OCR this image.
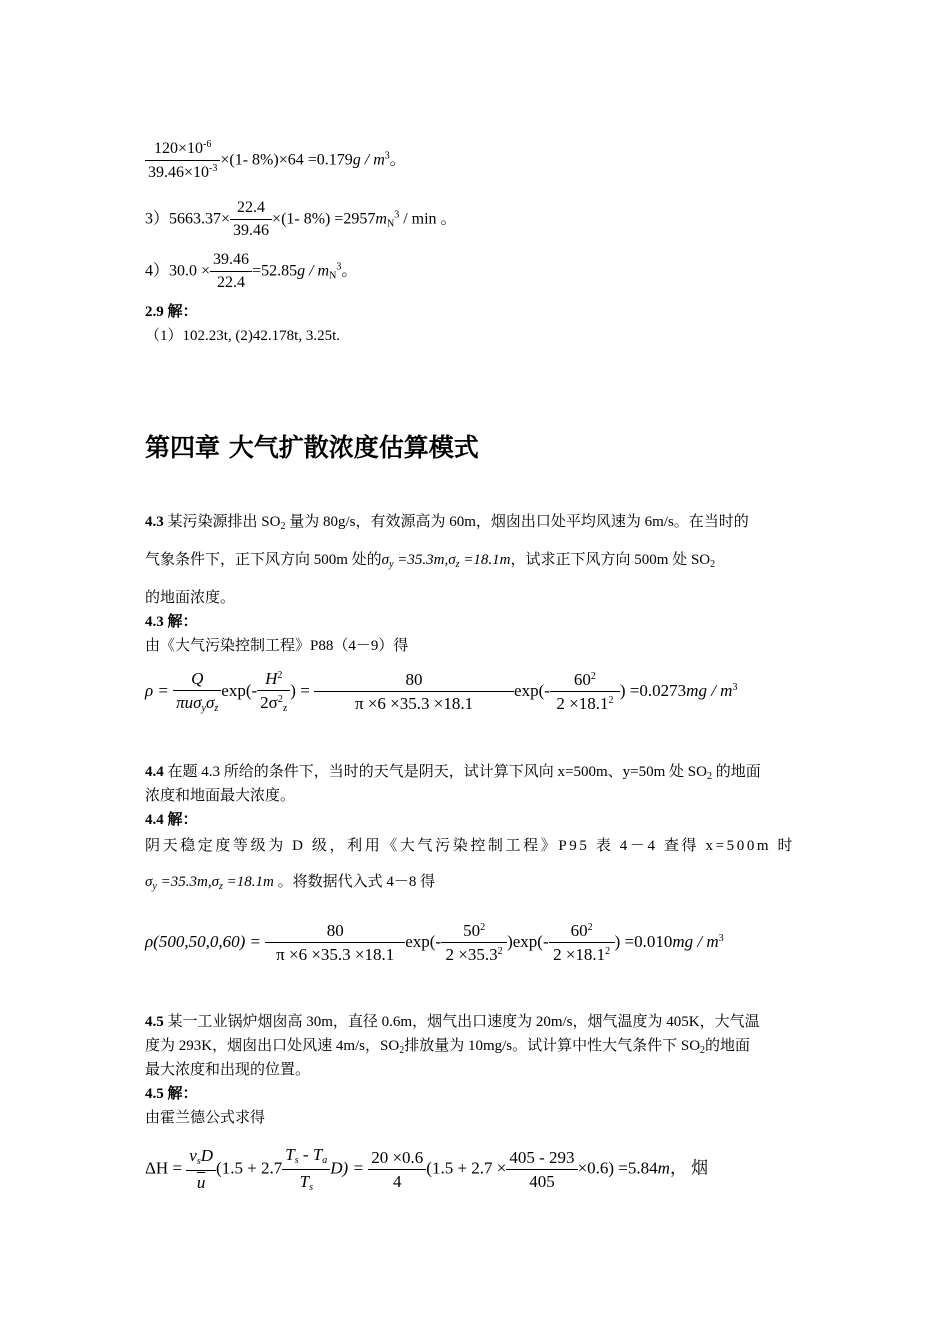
$\frac{120\times 10^{-6}}{39.46\times 10^{-3}} \times(1-$ $8\%)\times 64 =0.179g / m^3$。
$3)5663.37\times \frac{22.4}{39.46} \times(1-$ $8\%) =2957m_N^3 / \min$ 。
$4)30.0 \times \frac{39.46}{22.4} =52.85g / m_N^3$。
2.9 解：
（1）102.23t, (2)42.178t, 3.25t.
第四章 大气扩散浓度估算模式
4.3 某污染源排出 $SO_2$ 量为 80g/s，有效源高为 60m，烟囱出口处平均风速为 6m/s。在当时的
气象条件下，正下风方向 500m 处的$\sigma_y =35.3m,\sigma_z =18.1m$，试求正下风方向 500m 处 $SO_2$
的地面浓度。
4.3 解：
由《大气污染控制工程》P88（4－9）得
$\rho = \frac{Q}{\pi u\sigma_y\sigma_z} \exp(- \frac{H^2}{2\sigma^2_z}$ ) = $\frac{80}{\pi \times 6 \times 35.3 \times 18.1} \exp(- \frac{60^2}{2 \times 18.1^2}$ ) $=0.0273mg / m^3$
4.4 在题 4.3 所给的条件下，当时的天气是阴天，试计算下风向 x=500m、y=50m 处 $SO_2$ 的地面
浓度和地面最大浓度。
4.4 解：
阴天稳定度等级为 D 级，利用《大气污染控制工程》P95 表 4－4 查得 x=500m 时
$\sigma_y =35.3m,\sigma_z =18.1m$ 。将数据代入式 4－8 得
$\rho(500,50,0,60) = \frac{80}{\pi \times 6 \times 35.3 \times 18.1} \exp(- \frac{50^2}{2 \times 35.3^2} )\exp(- \frac{60^2}{2 \times 18.1^2}$ ) $=0.010mg / m^3$
4.5 某一工业锅炉烟囱高 30m，直径 0.6m，烟气出口速度为 20m/s，烟气温度为 405K，大气温
度为 293K，烟囱出口处风速 4m/s，$SO_2$排放量为 10mg/s。试计算中性大气条件下 $SO_2$的地面
最大浓度和出现的位置。
4.5 解：
由霍兰德公式求得
$\Delta H = \frac{v_sD}{u} (1.5 + 2.7 \frac{T_s - T_a}{T_s} D) = \frac{20 \times 0.6}{4} (1.5 + 2.7 \times \frac{405 - 293}{405} \times 0.6) =5.84m$， 烟
